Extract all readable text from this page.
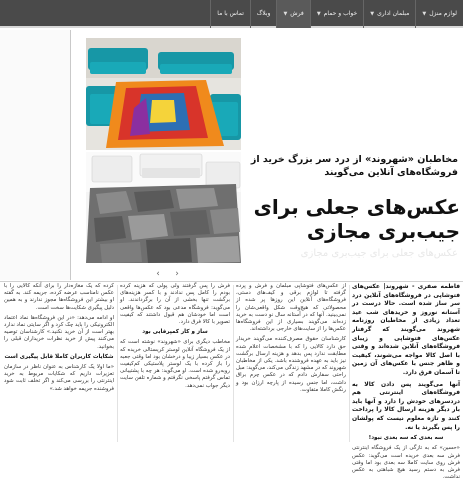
لوازم منزل▼مبلمان اداری▼خواب و حمام▼فرش▼وبلاگتماس با ما
مخاطبان «شهروند» از درد سر بزرگ خرید از فروشگاه‌های آنلاین می‌گویند
عکس‌های جعلی برای جیب‌بری مجازی
عکس‌های جعلی برای جیب‌بری مجازی
‹	›

فاطمه صفری - شهروند| عکس‌های فتوشاپی در فروشگاه‌های آنلاین درد سر ساز شده است. حالا درست در آستانه نوروز و خریدهای شب عید تعداد زیادی از مخاطبان روزنامه شهروند می‌گویند که گرفتار عکس‌های فتوشاپی و زیبای فروشگاه‌های آنلاین شده‌اند و وقتی با اصل کالا مواجه می‌شوند، کیفیت و ظاهر جنس با عکس‌های آن زمین تا آسمان فرق دارد.

آنها می‌گویند پس دادن کالا به فروشگاه‌های اینترنتی هم دردسرهای خودش را دارد و آنها باید بار دیگر هزینه ارسال کالا را پرداخت کنند و تازه معلوم نیست که پولشان را پس بگیرند یا نه.

سه بعدی که سه بعدی نبود!

«حسین» که به تازگی از یک فروشگاه اینترنتی فرش سه بعدی خریده است می‌گوید: عکس فرش روی سایت کاملا سه بعدی بود اما وقتی فرش به دستم رسید هیچ شباهتی به عکس نداشت.

از عکس‌های فتوشاپی مبلمان و فرش و پرده گرفته تا لوازم برقی و کیف‌های دستی، فروشگاه‌های آنلاین این روزها پر شده از محصولاتی که هیچ‌وقت شکل واقعی‌شان را نمی‌بینید. آنها که در آستانه سال نو دست به خرید زده‌اند می‌گویند بسیاری از این فروشگاه‌ها عکس‌ها را از سایت‌های خارجی برداشته‌اند.

کارشناسان حقوق مصرف‌کننده می‌گویند خریدار حق دارد کالایی را که با مشخصات اعلام شده مطابقت ندارد پس بدهد و هزینه ارسال برگشت نیز باید به عهده فروشنده باشد. یکی از مخاطبان شهروند که در مشهد زندگی می‌کند، می‌گوید: مبل راحتی سفارش دادم که در عکس چرم براق داشت، اما جنس رسیده از پارچه ارزان بود و رنگش کاملا متفاوت.

فرش را پس گرفتند ولی پولی که هزینه کرده بودم را کامل پس ندادند و با کسر هزینه‌های برگشت تنها بخشی از آن را برگرداندند. او می‌گوید: فروشگاه مدعی بود که عکس‌ها واقعی است اما خودشان هم قبول داشتند که کیفیت تصویر با کالا فرق دارد.

ساز و کار کمپرفایی بود

مخاطب دیگری برای «شهروند» نوشته است که از یک فروشگاه آنلاین لوستر کریستالی خریده که در عکس بسیار زیبا و درخشان بود اما وقتی جعبه را باز کرده با یک لوستر پلاستیکی کم‌کیفیت روبه‌رو شده است. او می‌گوید: هر چه با پشتیبانی تماس گرفتم پاسخی نگرفتم و شماره تلفن سایت دیگر جواب نمی‌دهد.

کرده که یک مغازه‌دار را برای آنکه کالایی را با عکس نامناسب عرضه کرده، جریمه کند. به گفته او بیشتر این فروشگاه‌ها مجوز ندارند و به همین دلیل پیگیری شکایت‌ها سخت است.

او ادامه می‌دهد: «در این فروشگاه‌ها نماد اعتماد الکترونیکی را باید چک کرد و اگر سایتی نماد ندارد بهتر است از آن خرید نکنید.» کارشناسان توصیه می‌کنند پیش از خرید نظرات خریداران قبلی را بخوانید.

شکایات کاربران کاملا قابل پیگیری است

«ما اولا یک کارشناس به عنوان ناظر در سازمان تعزیرات داریم که شکایات مربوط به خرید اینترنتی را بررسی می‌کند و اگر تخلف ثابت شود فروشنده جریمه خواهد شد.»
